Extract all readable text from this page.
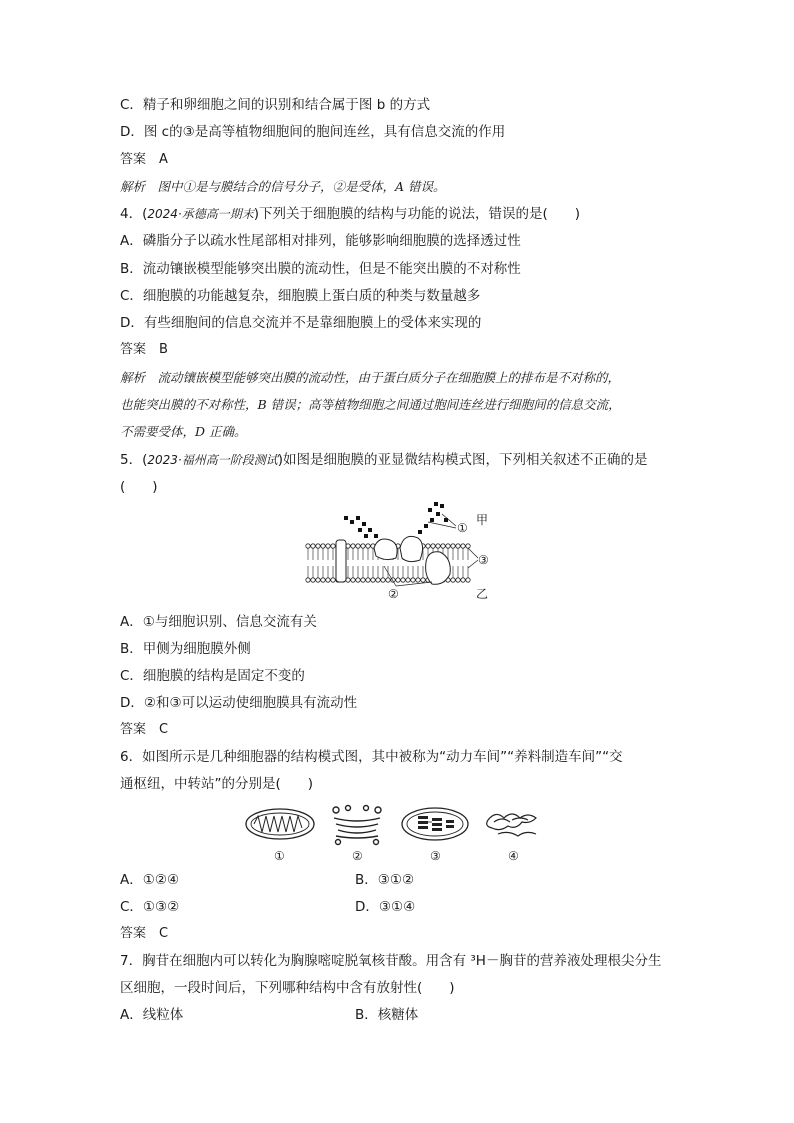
C．精子和卵细胞之间的识别和结合属于图 b 的方式
D．图 c的③是高等植物细胞间的胞间连丝，具有信息交流的作用
答案　A
解析　图中①是与膜结合的信号分子，②是受体，A 错误。
4．(2024·承德高一期末)下列关于细胞膜的结构与功能的说法，错误的是(　　)
A．磷脂分子以疏水性尾部相对排列，能够影响细胞膜的选择透过性
B．流动镶嵌模型能够突出膜的流动性，但是不能突出膜的不对称性
C．细胞膜的功能越复杂，细胞膜上蛋白质的种类与数量越多
D．有些细胞间的信息交流并不是靠细胞膜上的受体来实现的
答案　B
解析　流动镶嵌模型能够突出膜的流动性，由于蛋白质分子在细胞膜上的排布是不对称的，
也能突出膜的不对称性，B 错误；高等植物细胞之间通过胞间连丝进行细胞间的信息交流，
不需要受体，D 正确。
5．(2023·福州高一阶段测试)如图是细胞膜的亚显微结构模式图，下列相关叙述不正确的是
(　　)
①
甲
③
②	乙
A．①与细胞识别、信息交流有关
B．甲侧为细胞膜外侧
C．细胞膜的结构是固定不变的
D．②和③可以运动使细胞膜具有流动性
答案　C
6．如图所示是几种细胞器的结构模式图，其中被称为“动力车间”“养料制造车间”“交
通枢纽，中转站”的分别是(　　)
①	②	③	④
A．①②④	B．③①②
C．①③②	D．③①④
答案　C
7．胸苷在细胞内可以转化为胸腺嘧啶脱氧核苷酸。用含有 ³H－胸苷的营养液处理根尖分生
区细胞，一段时间后，下列哪种结构中含有放射性(　　)
A．线粒体	B．核糖体
